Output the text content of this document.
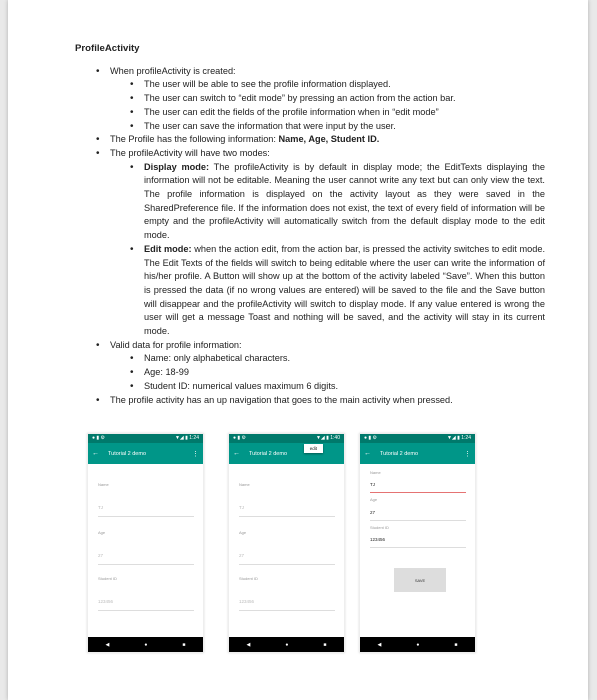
ProfileActivity
• When profileActivity is created:
• The user will be able to see the profile information displayed.
• The user can switch to “edit mode” by pressing an action from the action bar.
• The user can edit the fields of the profile information when in “edit mode”
• The user can save the information that were input by the user.
• The Profile has the following information: Name, Age, Student ID.
• The profileActivity will have two modes:
• Display mode: The profileActivity is by default in display mode; the EditTexts displaying the information will not be editable. Meaning the user cannot write any text but can only view the text. The profile information is displayed on the activity layout as they were saved in the SharedPreference file. If the information does not exist, the text of every field of information will be empty and the profileActivity will automatically switch from the default display mode to the edit mode.
• Edit mode: when the action edit, from the action bar, is pressed the activity switches to edit mode. The Edit Texts of the fields will switch to being editable where the user can write the information of his/her profile. A Button will show up at the bottom of the activity labeled “Save”. When this button is pressed the data (if no wrong values are entered) will be saved to the file and the Save button will disappear and the profileActivity will switch to display mode. If any value entered is wrong the user will get a message Toast and nothing will be saved, and the activity will stay in its current mode.
• Valid data for profile information:
• Name: only alphabetical characters.
• Age: 18-99
• Student ID: numerical values maximum 6 digits.
• The profile activity has an up navigation that goes to the main activity when pressed.
● ▮ ⚙	▼◢ ▮ 1:24
←	Tutorial 2 demo	⋮
Name
TJ
Age
27
Student ID
123456
◀	●	■
● ▮ ⚙	▼◢ ▮ 1:40
←	Tutorial 2 demo
edit
Name
TJ
Age
27
Student ID
123456
◀	●	■
● ▮ ⚙	▼◢ ▮ 1:24
←	Tutorial 2 demo	⋮
Name
TJ
Age
27
Student ID
123456
SAVE
◀	●	■
